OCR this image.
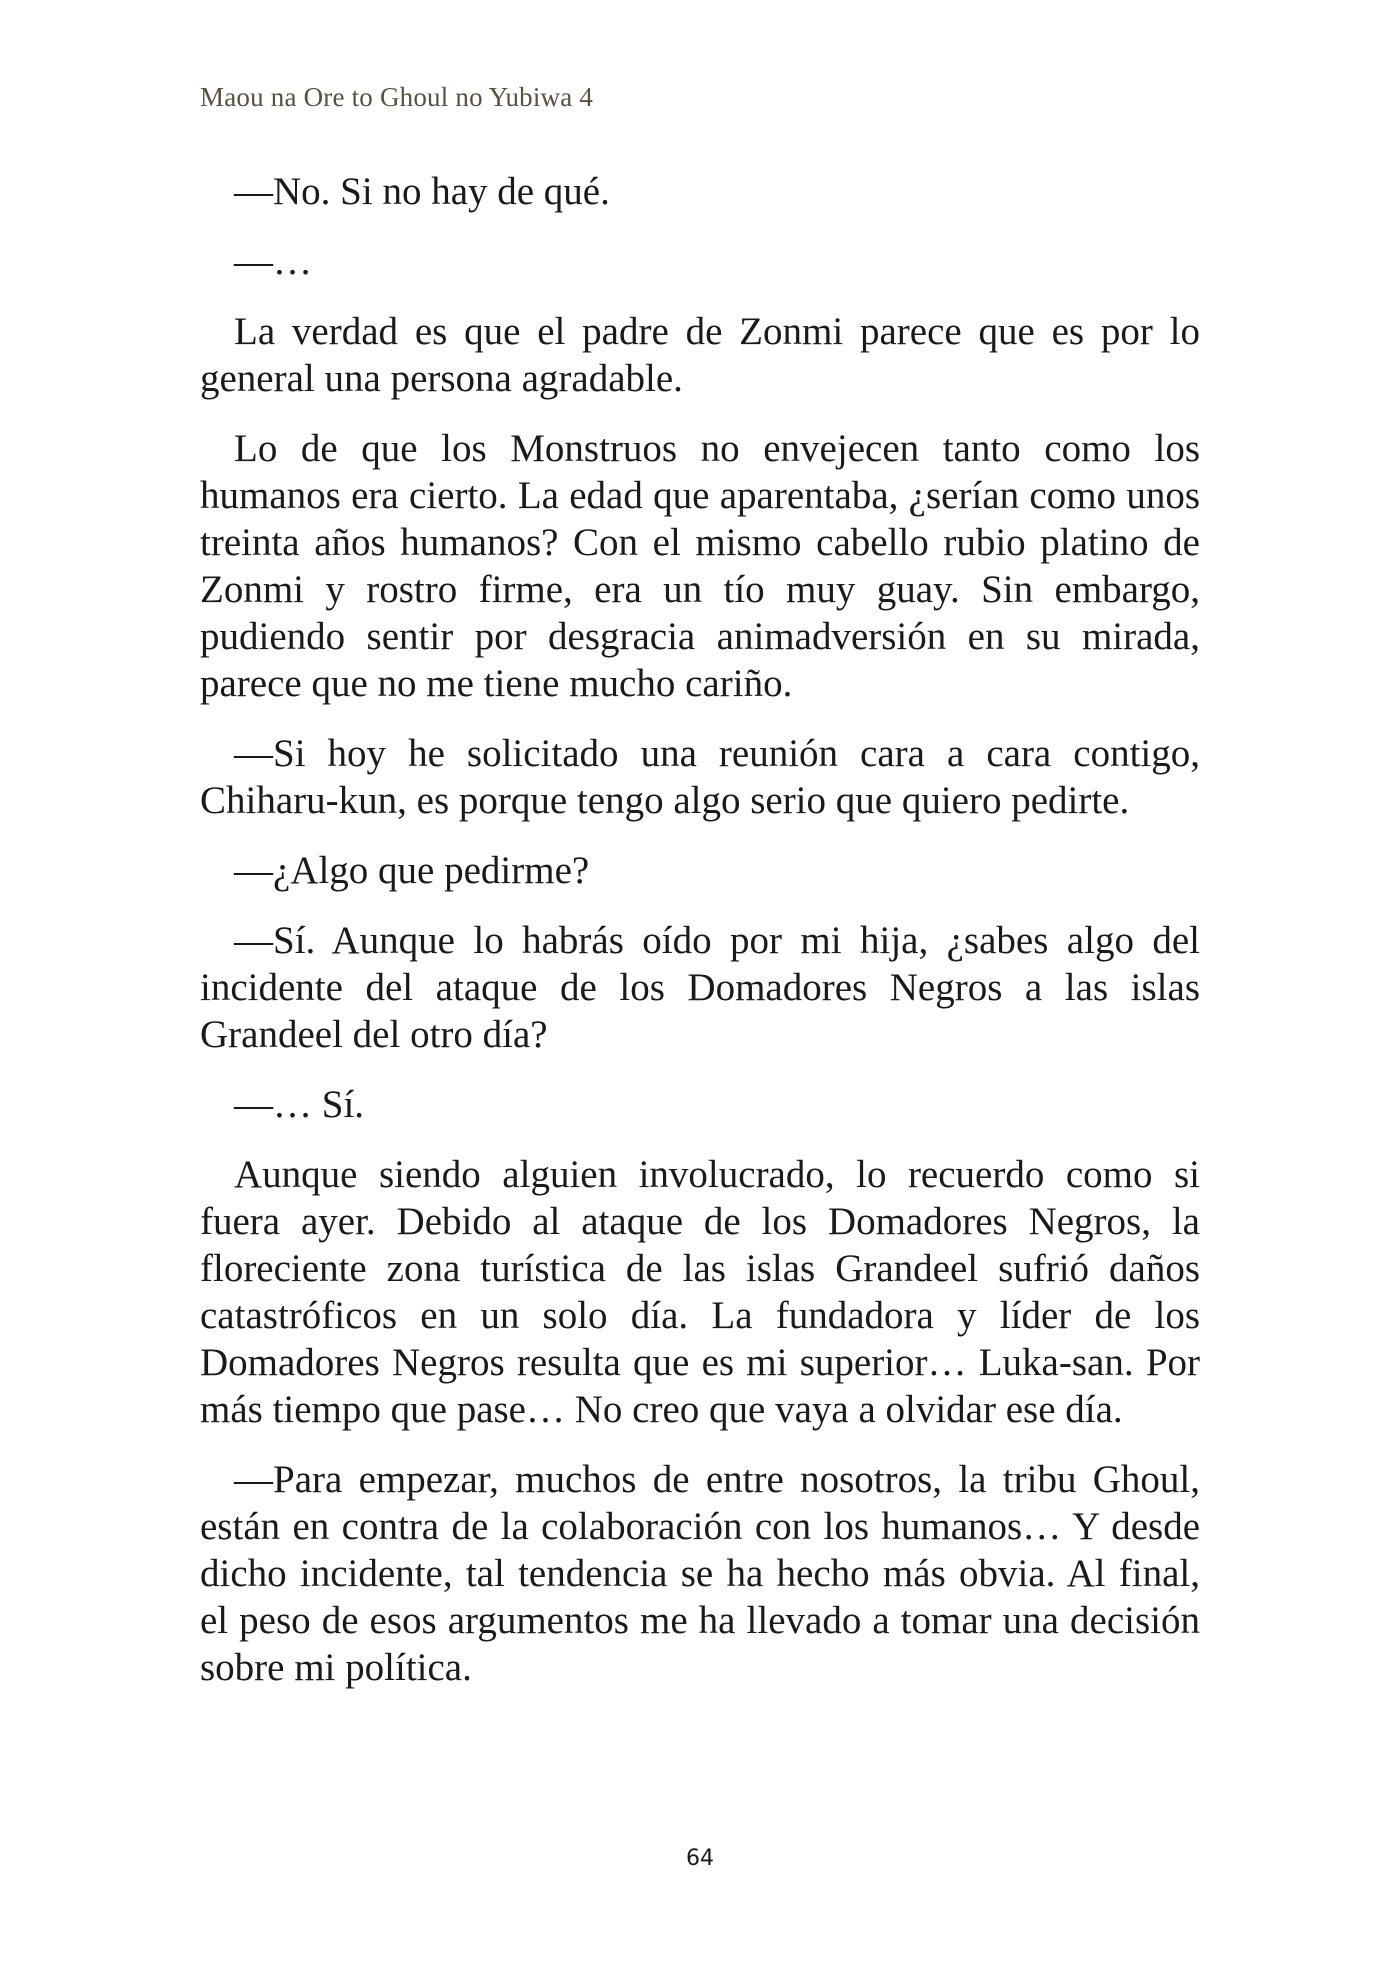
Maou na Ore to Ghoul no Yubiwa 4

—No. Si no hay de qué.

—…

La verdad es que el padre de Zonmi parece que es por lo general una persona agradable.

Lo de que los Monstruos no envejecen tanto como los humanos era cierto. La edad que aparentaba, ¿serían como unos treinta años humanos? Con el mismo cabello rubio platino de Zonmi y rostro firme, era un tío muy guay. Sin embargo, pudiendo sentir por desgracia animadversión en su mirada, parece que no me tiene mucho cariño.

—Si hoy he solicitado una reunión cara a cara contigo, Chiharu-kun, es porque tengo algo serio que quiero pedirte.

—¿Algo que pedirme?

—Sí. Aunque lo habrás oído por mi hija, ¿sabes algo del incidente del ataque de los Domadores Negros a las islas Grandeel del otro día?

—… Sí.

Aunque siendo alguien involucrado, lo recuerdo como si fuera ayer. Debido al ataque de los Domadores Negros, la floreciente zona turística de las islas Grandeel sufrió daños catastróficos en un solo día. La fundadora y líder de los Domadores Negros resulta que es mi superior… Luka-san. Por más tiempo que pase… No creo que vaya a olvidar ese día.

—Para empezar, muchos de entre nosotros, la tribu Ghoul, están en contra de la colaboración con los humanos… Y desde dicho incidente, tal tendencia se ha hecho más obvia. Al final, el peso de esos argumentos me ha llevado a tomar una decisión sobre mi política.

64
